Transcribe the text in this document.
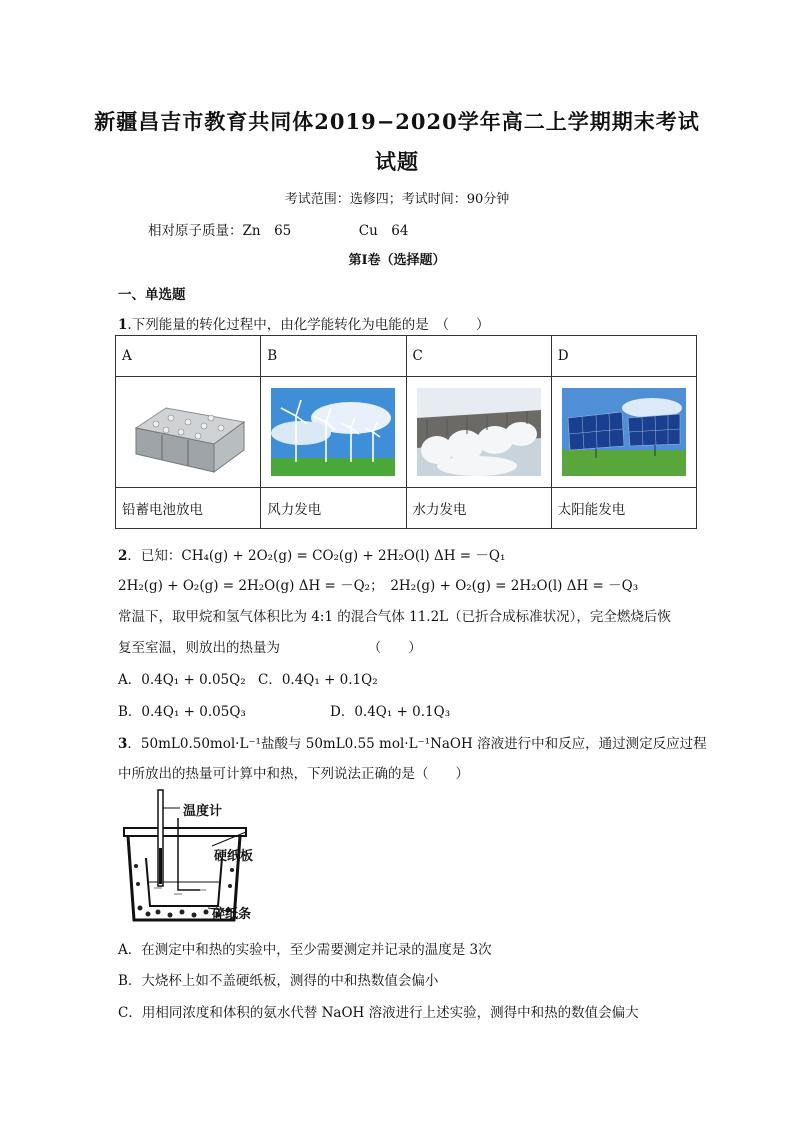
新疆昌吉市教育共同体2019−2020学年高二上学期期末考试
试题
考试范围：选修四；考试时间：90分钟
相对原子质量：Zn　65　　　　　Cu　64
第I卷（选择题）
一、单选题
1.下列能量的转化过程中，由化学能转化为电能的是　（　　）
A	B	C	D

铅蓄电池放电	风力发电	水力发电	太阳能发电
2．已知：CH₄(g) + 2O₂(g) = CO₂(g) + 2H₂O(l) ΔH = －Q₁
2H₂(g) + O₂(g) = 2H₂O(g) ΔH = －Q₂；　2H₂(g) + O₂(g) = 2H₂O(l) ΔH = －Q₃
常温下，取甲烷和氢气体积比为 4:1 的混合气体 11.2L（已折合成标准状况），完全燃烧后恢
复至室温，则放出的热量为　　　　　　　（　　）
A．0.4Q₁ + 0.05Q₂ C．0.4Q₁ + 0.1Q₂
B．0.4Q₁ + 0.05Q₃	D．0.4Q₁ + 0.1Q₃
3．50mL0.50mol·L⁻¹盐酸与 50mL0.55 mol·L⁻¹NaOH 溶液进行中和反应，通过测定反应过程
中所放出的热量可计算中和热，下列说法正确的是（　　）
温度计
硬纸板
碎纸条
A．在测定中和热的实验中，至少需要测定并记录的温度是 3次
B．大烧杯上如不盖硬纸板，测得的中和热数值会偏小
C．用相同浓度和体积的氨水代替 NaOH 溶液进行上述实验，测得中和热的数值会偏大
